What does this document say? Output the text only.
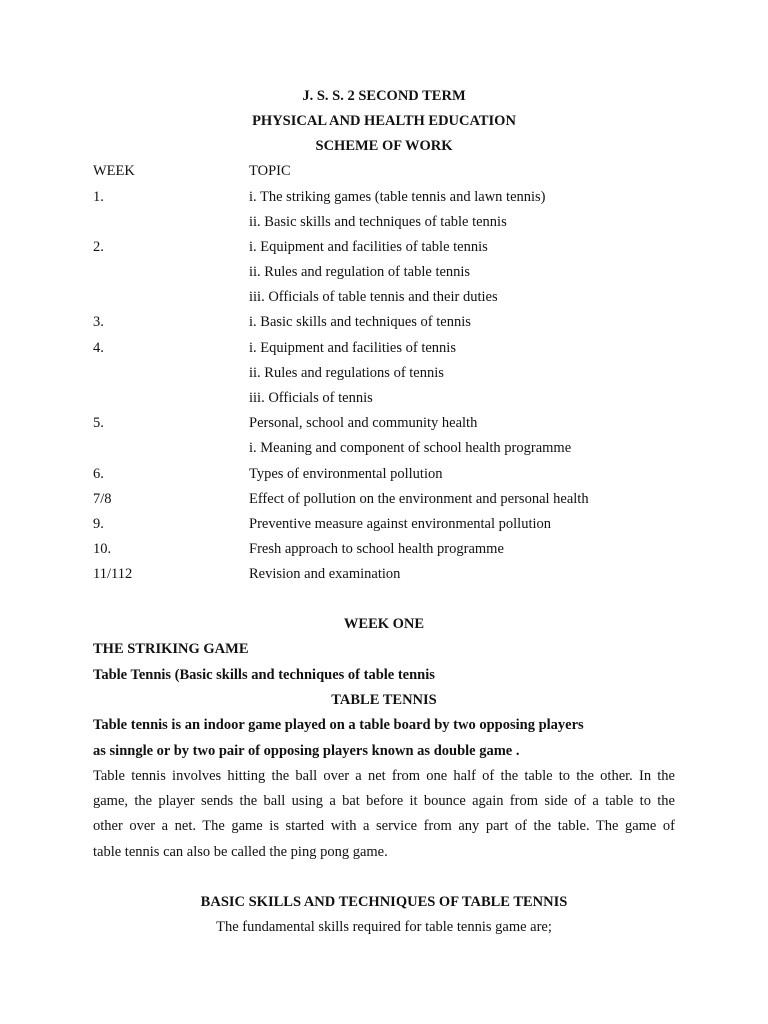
J. S. S. 2 SECOND TERM
PHYSICAL AND HEALTH EDUCATION
SCHEME OF WORK
WEEK	TOPIC
1.	i. The striking games (table tennis and lawn tennis)
ii. Basic skills and techniques of table tennis
2.	i. Equipment and facilities of table tennis
ii. Rules and regulation of table tennis
iii. Officials of table tennis and their duties
3.	i. Basic skills and techniques of tennis
4.	i. Equipment and facilities of tennis
ii. Rules and regulations of tennis
iii. Officials of tennis
5.	Personal, school and community health
i. Meaning and component of school health programme
6.	Types of environmental pollution
7/8	Effect of pollution on the environment and personal health
9.	Preventive measure against environmental pollution
10.	Fresh approach to school health programme
11/112	Revision and examination
WEEK ONE
THE STRIKING GAME
Table Tennis (Basic skills and techniques of table tennis
TABLE TENNIS
Table tennis is an indoor game played on a table board by two opposing players
as sinngle or by two pair of opposing players known as double game .
Table tennis involves hitting the ball over a net from one half of the table to the other. In the
game, the player sends the ball using a bat before it bounce again from side of a table to the
other over a net. The game is started with a service from any part of the table. The game of
table tennis can also be called the ping pong game.
BASIC SKILLS AND TECHNIQUES OF TABLE TENNIS
The fundamental skills required for table tennis game are;
